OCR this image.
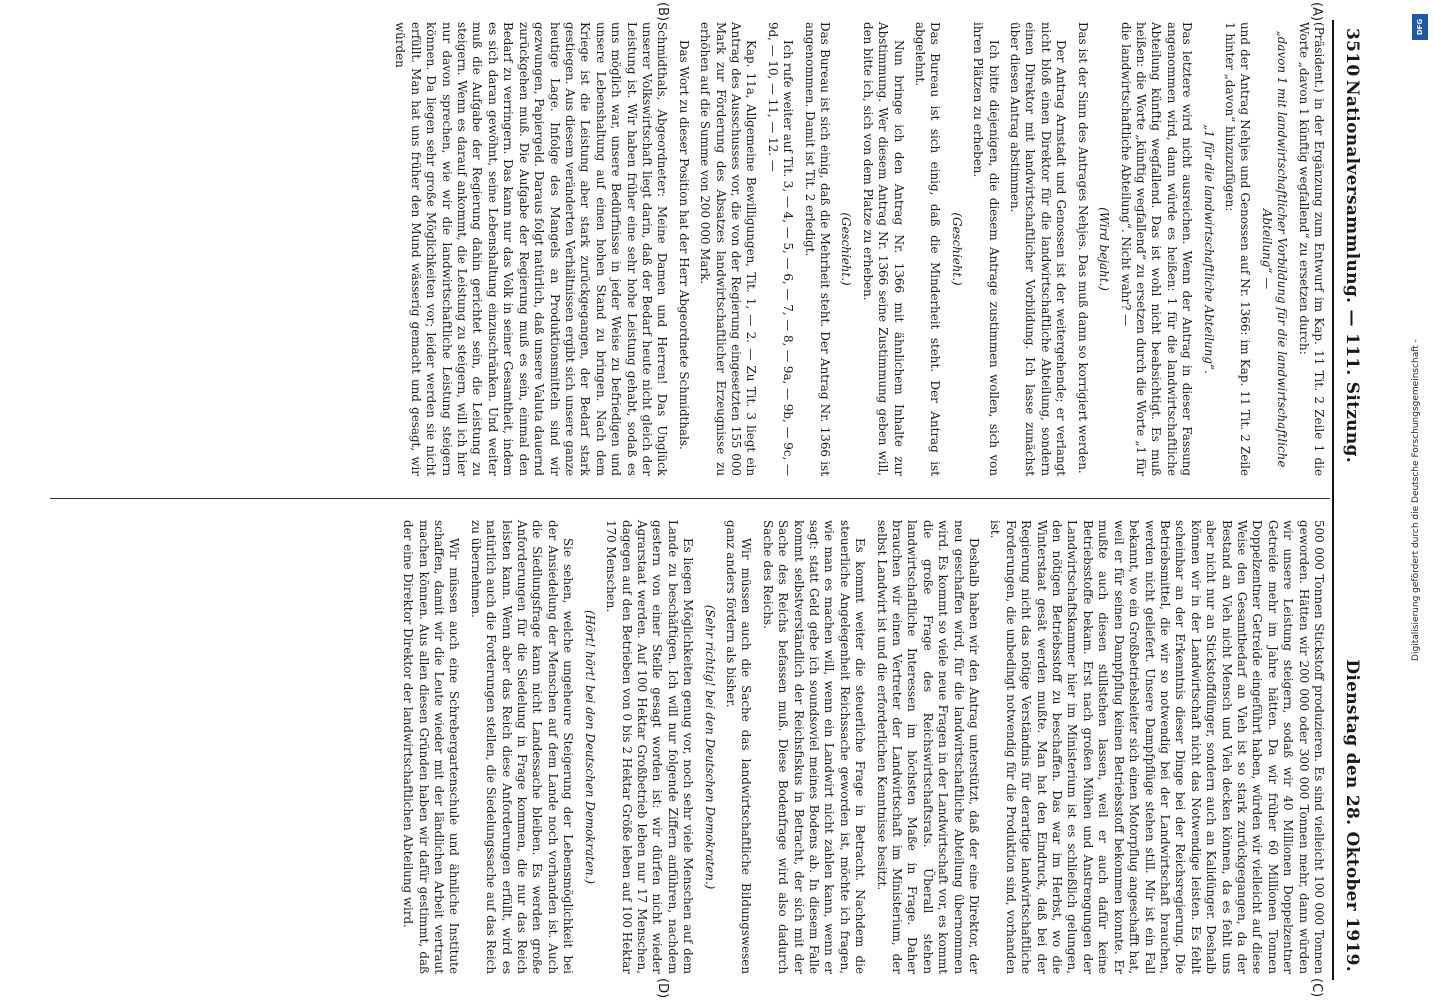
3510
Nationalversammlung. — 111. Sitzung.
Dienstag den 28. Oktober 1919.
(A)
(B)
(C)
(D)

(Präsident.) in der Ergänzung zum Entwurf im Kap. 11 Tit. 2 Zeile 1 die Worte „davon 1 künftig wegfallend“ zu ersetzen durch:

„davon 1 mit landwirtschaftlicher Vorbildung für die landwirtschaftliche Abteilung“ —

und der Antrag Nehjes und Genossen auf Nr. 1366: im Kap. 11 Tit. 2 Zeile 1 hinter „davon“ hinzuzufügen:

„1 für die landwirtschaftliche Abteilung“.

Das letztere wird nicht ausreichen. Wenn der Antrag in dieser Fassung angenommen wird, dann würde es heißen: 1 für die landwirtschaftliche Abteilung künftig wegfallend. Das ist wohl nicht beabsichtigt. Es muß heißen: die Worte „künftig wegfallend“ zu ersetzen durch die Worte „1 für die landwirtschaftliche Abteilung“. Nicht wahr? —

(Wird bejaht.)

Das ist der Sinn des Antrages Nehjes. Das muß dann so korrigiert werden.

Der Antrag Arnstadt und Genossen ist der weitergehende; er verlangt nicht bloß einen Direktor für die landwirtschaftliche Abteilung, sondern einen Direktor mit landwirtschaftlicher Vorbildung. Ich lasse zunächst über diesen Antrag abstimmen.

Ich bitte diejenigen, die diesem Antrage zustimmen wollen, sich von ihren Plätzen zu erheben.

(Geschieht.)

Das Bureau ist sich einig, daß die Minderheit steht. Der Antrag ist abgelehnt.

Nun bringe ich den Antrag Nr. 1366 mit ähnlichem Inhalte zur Abstimmung. Wer diesem Antrag Nr. 1366 seine Zustimmung geben will, den bitte ich, sich von dem Platze zu erheben.

(Geschieht.)

Das Bureau ist sich einig, daß die Mehrheit steht. Der Antrag Nr. 1366 ist angenommen. Damit ist Tit. 2 erledigt.

Ich rufe weiter auf Tit. 3, — 4, — 5, — 6, — 7, — 8, — 9a, — 9b, — 9c, — 9d, — 10, — 11, — 12. —

Kap. 11a, Allgemeine Bewilligungen, Tit. 1, — 2. — Zu Tit. 3 liegt ein Antrag des Ausschusses vor, die von der Regierung eingesetzten 155 000 Mark zur Förderung des Absatzes landwirtschaftlicher Erzeugnisse zu erhöhen auf die Summe von 200 000 Mark.

Das Wort zu dieser Position hat der Herr Abgeordnete Schmidthals.

Schmidthals, Abgeordneter: Meine Damen und Herren! Das Unglück unserer Volkswirtschaft liegt darin, daß der Bedarf heute nicht gleich der Leistung ist. Wir haben früher eine sehr hohe Leistung gehabt, sodaß es uns möglich war, unsere Bedürfnisse in jeder Weise zu befriedigen und unsere Lebenshaltung auf einen hohen Stand zu bringen. Nach dem Kriege ist die Leistung aber stark zurückgegangen, der Bedarf stark gestiegen. Aus diesem veränderten Verhältnissen ergibt sich unsere ganze heutige Lage. Infolge des Mangels an Produktionsmitteln sind wir gezwungen, Papiergeld. Daraus folgt natürlich, daß unsere Valuta dauernd zurückgehen muß. Die Aufgabe der Regierung muß es sein, einmal den Bedarf zu verringern. Das kann nur das Volk in seiner Gesamtheit, indem es sich daran gewöhnt, seine Lebenshaltung einzuschränken. Und weiter muß die Aufgabe der Regierung dahin gerichtet sein, die Leistung zu steigern. Wenn es darauf ankommt, die Leistung zu steigern, will ich hier nur davon sprechen, wie wir die landwirtschaftliche Leistung steigern können. Da liegen sehr große Möglichkeiten vor; leider werden sie nicht erfüllt. Man hat uns früher den Mund wässerig gemacht und gesagt, wir würden

500 000 Tonnen Stickstoff produzieren. Es sind vielleicht 100 000 Tonnen geworden. Hätten wir 200 000 oder 300 000 Tonnen mehr, dann würden wir unsere Leistung steigern, sodaß wir 40 Millionen Doppelzentner Getreide mehr im Jahre hätten. Da wir früher 60 Millionen Tonnen Doppelzentner Getreide eingeführt haben, würden wir vielleicht auf diese Weise den Gesamtbedarf an Vieh ist so stark zurückgegangen, da der Bestand an Vieh nicht Mensch und Vieh decken können, da es fehlt uns aber nicht nur an Stickstoffdünger, sondern auch an Kalidünger. Deshalb können wir in der Landwirtschaft nicht das Notwendige leisten. Es fehlt scheinbar an der Erkenntnis dieser Dinge bei der Reichsregierung. Die Betriebsmittel, die wir so notwendig bei der Landwirtschaft brauchen, werden nicht geliefert. Unsere Dampfpflüge stehen still. Mir ist ein Fall bekannt, wo ein Großbetriebsleiter sich einen Motorpflug angeschafft hat, weil er für seinen Dampfpflug keinen Betriebsstoff bekommen konnte. Er mußte auch diesen stillstehen lassen, weil er auch dafür keine Betriebsstoffe bekam. Erst nach großen Mühen und Anstrengungen der Landwirtschaftskammer hier im Ministerium ist es schließlich gelungen, den nötigen Betriebsstoff zu beschaffen. Das war im Herbst, wo die Winterstaat gesät werden mußte. Man hat den Eindruck, daß bei der Regierung nicht das nötige Verständnis für derartige landwirtschaftliche Forderungen, die unbedingt notwendig für die Produktion sind, vorhanden ist.

Deshalb haben wir den Antrag unterstützt, daß der eine Direktor, der neu geschaffen wird, für die landwirtschaftliche Abteilung übernommen wird. Es kommt so viele neue Fragen in der Landwirtschaft vor, es kommt die große Frage des Reichswirtschaftsrats. Überall stehen landwirtschaftliche Interessen im höchsten Maße in Frage. Daher brauchen wir einen Vertreter der Landwirtschaft im Ministerium, der selbst Landwirt ist und die erforderlichen Kenntnisse besitzt.

Es kommt weiter die steuerliche Frage in Betracht. Nachdem die steuerliche Angelegenheit Reichssache geworden ist, möchte ich fragen, wie man es machen will, wenn ein Landwirt nicht zahlen kann, wenn er sagt: statt Geld gebe ich soundsoviel meines Bodens ab. In diesem Falle kommt selbstverständlich der Reichsfiskus in Betracht, der sich mit der Sache des Reichs befassen muß. Diese Bodenfrage wird also dadurch Sache des Reichs.

Wir müssen auch die Sache das landwirtschaftliche Bildungswesen ganz anders fördern als bisher.

(Sehr richtig! bei den Deutschen Demokraten.)

Es liegen Möglichkeiten genug vor, noch sehr viele Menschen auf dem Lande zu beschäftigen. Ich will nur folgende Ziffern anführen, nachdem gestern von einer Stelle gesagt worden ist: wir dürfen nicht wieder Agrarstaat werden. Auf 100 Hektar Großbetrieb leben nur 17 Menschen, dagegen auf den Betrieben von 0 bis 2 Hektar Größe leben auf 100 Hektar 170 Menschen.

(Hört! hört! bei den Deutschen Demokraten.)

Sie sehen, welche ungeheure Steigerung der Lebensmöglichkeit bei der Ansiedelung der Menschen auf dem Lande noch vorhanden ist. Auch die Siedlungsfrage kann nicht Landessache bleiben. Es werden große Anforderungen für die Siedelung in Frage kommen, die nur das Reich leisten kann. Wenn aber das Reich diese Anforderungen erfüllt, wird es natürlich auch die Forderungen stellen, die Siedelungssache auf das Reich zu übernehmen.

Wir müssen auch eine Schrebergartenschule und ähnliche Institute schaffen, damit wir die Leute wieder mit der ländlichen Arbeit vertraut machen können. Aus allen diesen Gründen haben wir dafür gestimmt, daß der eine Direktor Direktor der landwirtschaftlichen Abteilung wird.

DFG
Digitalisierung gefördert durch die Deutsche Forschungsgemeinschaft -
